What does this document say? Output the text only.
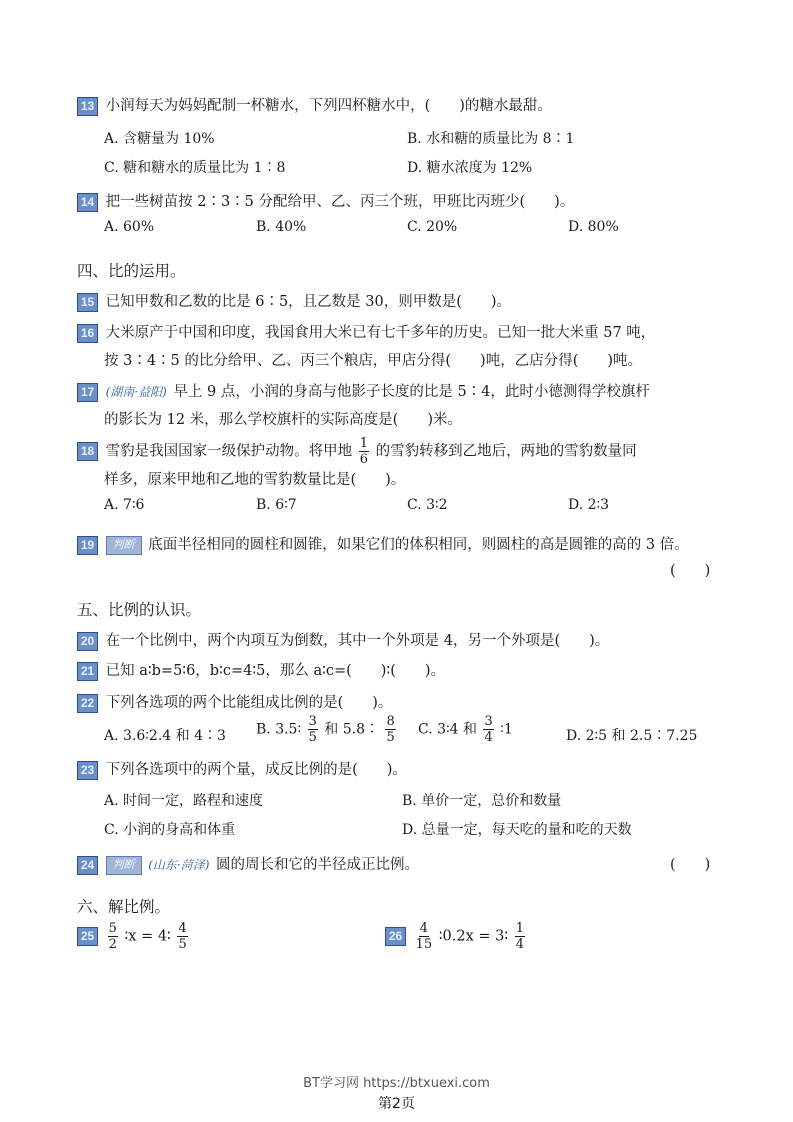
13 小润每天为妈妈配制一杯糖水，下列四杯糖水中，(　　)的糖水最甜。
A. 含糖量为 10%	B. 水和糖的质量比为 8∶1
C. 糖和糖水的质量比为 1∶8	D. 糖水浓度为 12%
14 把一些树苗按 2∶3∶5 分配给甲、乙、丙三个班，甲班比丙班少(　　)。
A. 60%	B. 40%	C. 20%	D. 80%
四、比的运用。
15 已知甲数和乙数的比是 6∶5，且乙数是 30，则甲数是(　　)。
16 大米原产于中国和印度，我国食用大米已有七千多年的历史。已知一批大米重 57 吨，
按 3∶4∶5 的比分给甲、乙、丙三个粮店，甲店分得(　　)吨，乙店分得(　　)吨。
17 (湖南·益阳) 早上 9 点，小润的身高与他影子长度的比是 5∶4，此时小德测得学校旗杆
的影长为 12 米，那么学校旗杆的实际高度是(　　)米。
18 雪豹是我国国家一级保护动物。将甲地 $\frac{1}{6}$ 的雪豹转移到乙地后，两地的雪豹数量同
样多，原来甲地和乙地的雪豹数量比是(　　)。
A. 7∶6	B. 6∶7	C. 3∶2	D. 2∶3
19 判断 底面半径相同的圆柱和圆锥，如果它们的体积相同，则圆柱的高是圆锥的高的 3 倍。
(　　)
五、比例的认识。
20 在一个比例中，两个内项互为倒数，其中一个外项是 4，另一个外项是(　　)。
21 已知 a∶b=5∶6，b∶c=4∶5，那么 a∶c=(　　)∶(　　)。
22 下列各选项的两个比能组成比例的是(　　)。
A. 3.6∶2.4 和 4∶3 B. 3.5∶ $\frac{3}{5}$ 和 5.8∶ $\frac{8}{5} C$. 3∶4 和 $\frac{3}{4}$ ∶1	D. 2∶5 和 2.5∶7.25
23 下列各选项中的两个量，成反比例的是(　　)。
A. 时间一定，路程和速度	B. 单价一定，总价和数量
C. 小润的身高和体重	D. 总量一定，每天吃的量和吃的天数
24 判断 (山东·菏泽) 圆的周长和它的半径成正比例。	(　　)
六、解比例。
$25 \frac{5}{2}$ ∶x = 4∶ $\frac{4}{5}$	$26 \frac{4}{15}$ ∶0.2x = 3∶ $\frac{1}{4}$
BT学习网 https://btxuexi.com
第2页
